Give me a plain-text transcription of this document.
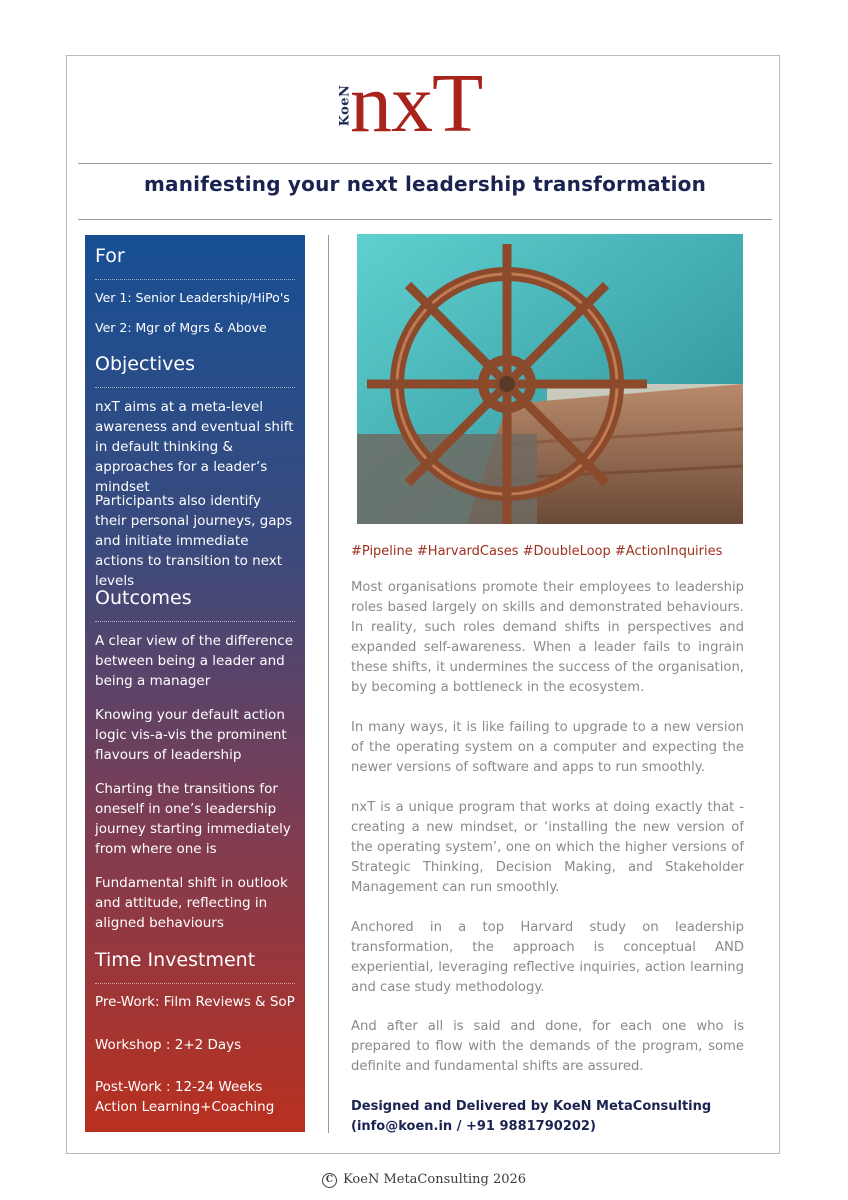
KoeN
nxT
manifesting your next leadership transformation
For
Ver 1: Senior Leadership/HiPo's
Ver 2: Mgr of Mgrs & Above
Objectives
nxT aims at a meta-level awareness and eventual shift in default thinking & approaches for a leader’s mindset
Participants also identify their personal journeys, gaps and initiate immediate actions to transition to next levels
Outcomes
A clear view of the difference between being a leader and being a manager
Knowing your default action logic vis-a-vis the prominent flavours of leadership
Charting the transitions for oneself in one’s leadership journey starting immediately from where one is
Fundamental shift in outlook and attitude, reflecting in aligned behaviours
Time Investment
Pre-Work: Film Reviews & SoP
Workshop : 2+2 Days
Post-Work : 12-24 Weeks
Action Learning+Coaching
#Pipeline #HarvardCases #DoubleLoop #ActionInquiries
Most organisations promote their employees to leadership roles based largely on skills and demonstrated behaviours. In reality, such roles demand shifts in perspectives and expanded self-awareness. When a leader fails to ingrain these shifts, it undermines the success of the organisation, by becoming a bottleneck in the ecosystem.
In many ways, it is like failing to upgrade to a new version of the operating system on a computer and expecting the newer versions of software and apps to run smoothly.
nxT is a unique program that works at doing exactly that - creating a new mindset, or ‘installing the new version of the operating system’, one on which the higher versions of Strategic Thinking, Decision Making, and Stakeholder Management can run smoothly.
Anchored in a top Harvard study on leadership transformation, the approach is conceptual AND experiential, leveraging reflective inquiries, action learning and case study methodology.
And after all is said and done, for each one who is prepared to flow with the demands of the program, some definite and fundamental shifts are assured.
Designed and Delivered by KoeN MetaConsulting
(info@koen.in / +91 9881790202)
C KoeN MetaConsulting 2026
